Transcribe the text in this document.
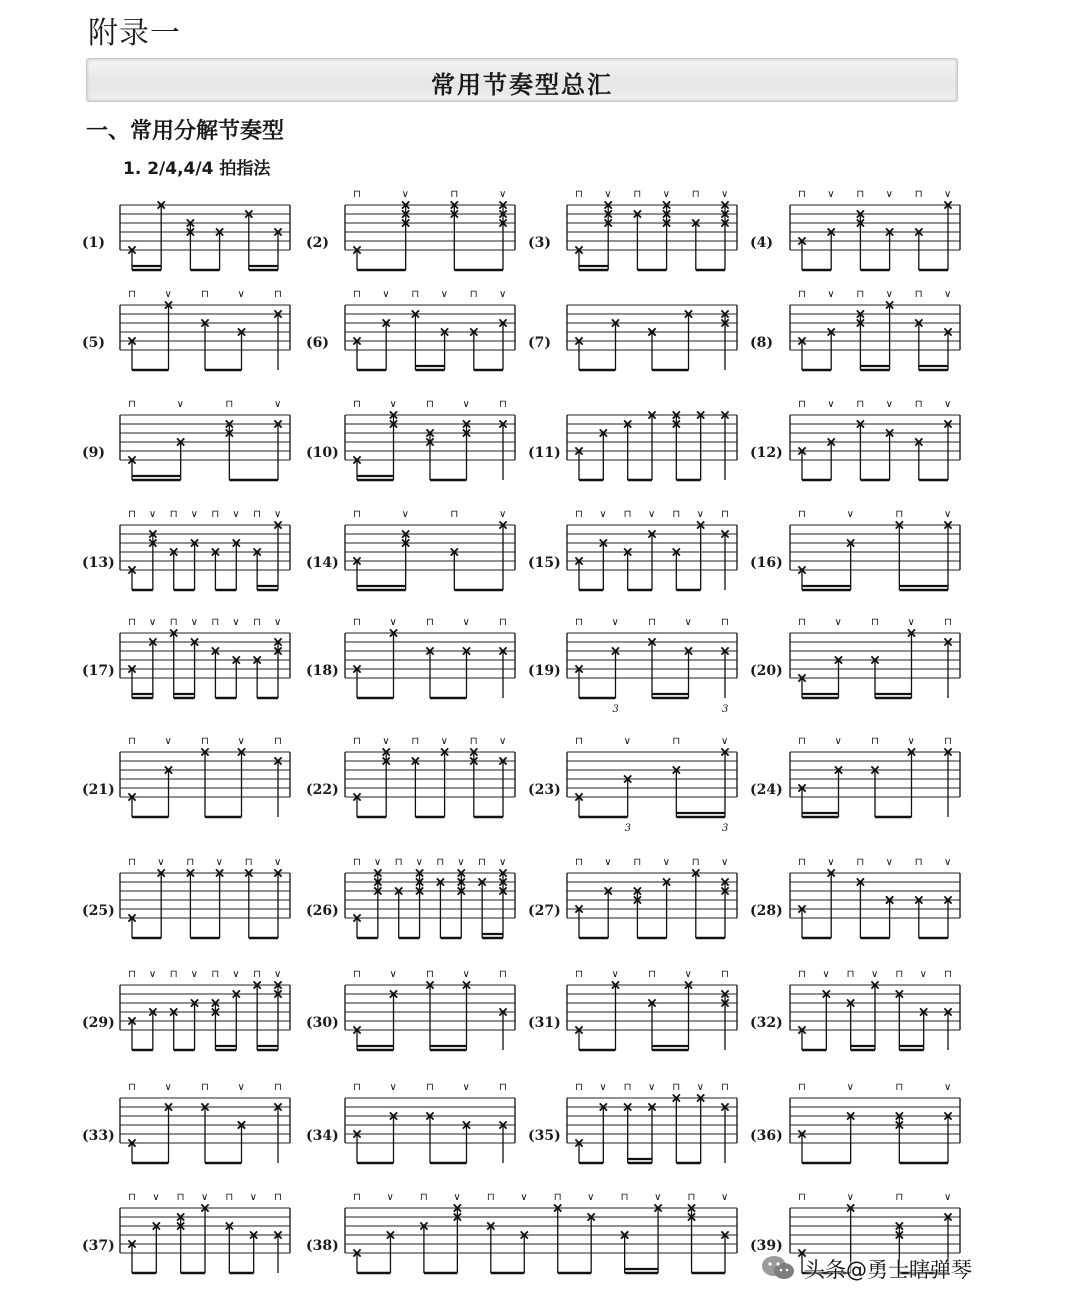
附录一
常用节奏型总汇
一、常用分解节奏型
1. 2/4,4/4 拍指法
(1)	(2)
⊓	∨	⊓	∨
(3)
⊓ ∨ ⊓ ∨ ⊓ ∨
(4)
⊓ ∨ ⊓ ∨ ⊓ ∨
(5)
⊓	∨	⊓	∨	⊓
(6)
⊓ ∨ ⊓ ∨ ⊓ ∨
(7)	(8)
⊓ ∨ ⊓ ∨ ⊓ ∨
(9)
⊓	∨	⊓	∨
(10)
⊓	∨	⊓	∨	⊓
(11)	(12)
⊓ ∨ ⊓ ∨ ⊓ ∨
(13)
⊓ ∨ ⊓ ∨ ⊓ ∨ ⊓ ∨
(14)
⊓	∨	⊓	∨
(15)
⊓ ∨ ⊓ ∨ ⊓ ∨ ⊓
(16)
⊓	∨	⊓	∨
(17)
⊓ ∨ ⊓ ∨ ⊓ ∨ ⊓ ∨
(18)
⊓	∨	⊓	∨	⊓
(19)
⊓	∨	⊓	∨	⊓
3	3
(20)
⊓	∨	⊓	∨	⊓
(21)
⊓	∨	⊓	∨	⊓
(22)
⊓ ∨ ⊓ ∨ ⊓ ∨
(23)
⊓	∨	⊓	∨
3	3
(24)
⊓	∨	⊓	∨	⊓
(25)
⊓ ∨ ⊓ ∨ ⊓ ∨
(26)
⊓ ∨ ⊓ ∨ ⊓ ∨ ⊓ ∨
(27)
⊓ ∨ ⊓ ∨ ⊓ ∨
(28)
⊓ ∨ ⊓ ∨ ⊓ ∨
(29)
⊓ ∨ ⊓ ∨ ⊓ ∨ ⊓ ∨
(30)
⊓	∨	⊓	∨	⊓
(31)
⊓	∨	⊓	∨	⊓
(32)
⊓ ∨ ⊓ ∨ ⊓ ∨ ⊓
(33)
⊓	∨	⊓	∨	⊓
(34)
⊓	∨	⊓	∨	⊓
(35)
⊓ ∨ ⊓ ∨ ⊓ ∨ ⊓
(36)
⊓	∨	⊓	∨
(37)
⊓ ∨ ⊓ ∨ ⊓ ∨ ⊓
(38)
⊓	∨	⊓	∨	⊓	∨	⊓	∨	⊓	∨	⊓	∨
(39)
⊓	∨	⊓	∨
头条@勇士瞎弹琴
